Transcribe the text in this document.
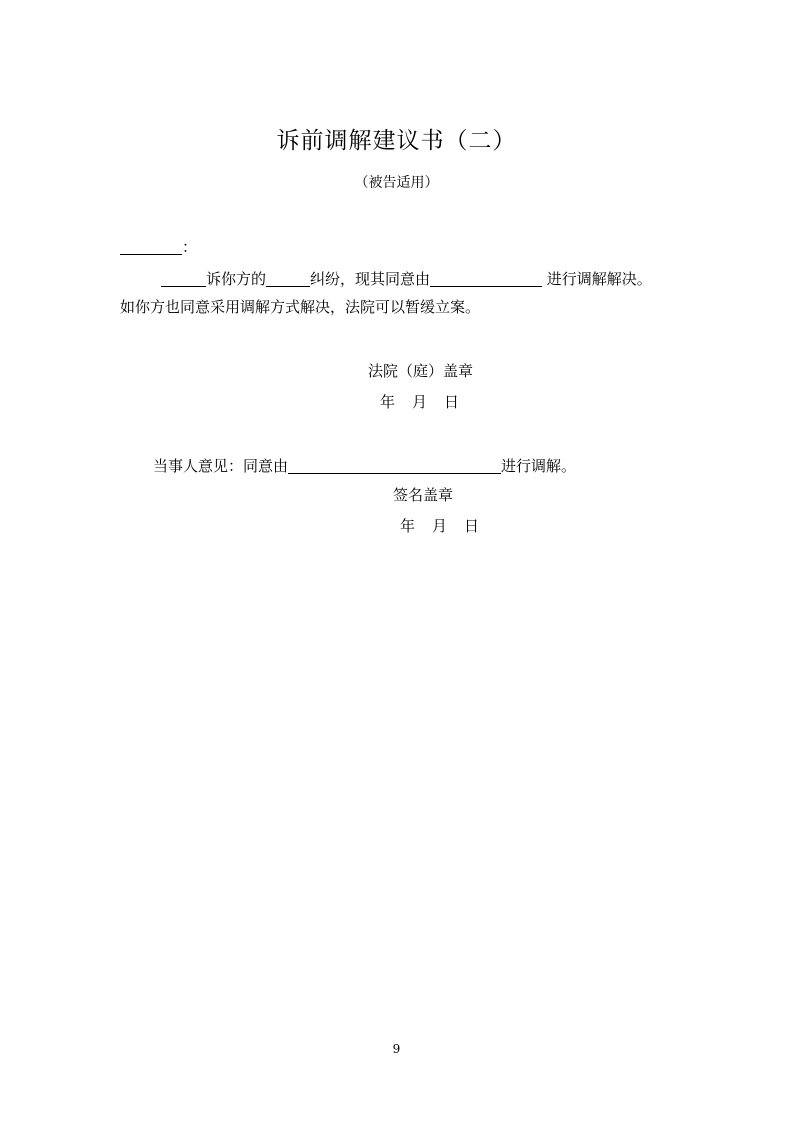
诉前调解建议书（二）
（被告适用）
：
诉你方的	纠纷，现其同意由	进行调解解决。
如你方也同意采用调解方式解决，法院可以暂缓立案。
法院（庭）盖章
年 月 日
当事人意见：同意由	进行调解。
签名盖章
年 月 日
9
